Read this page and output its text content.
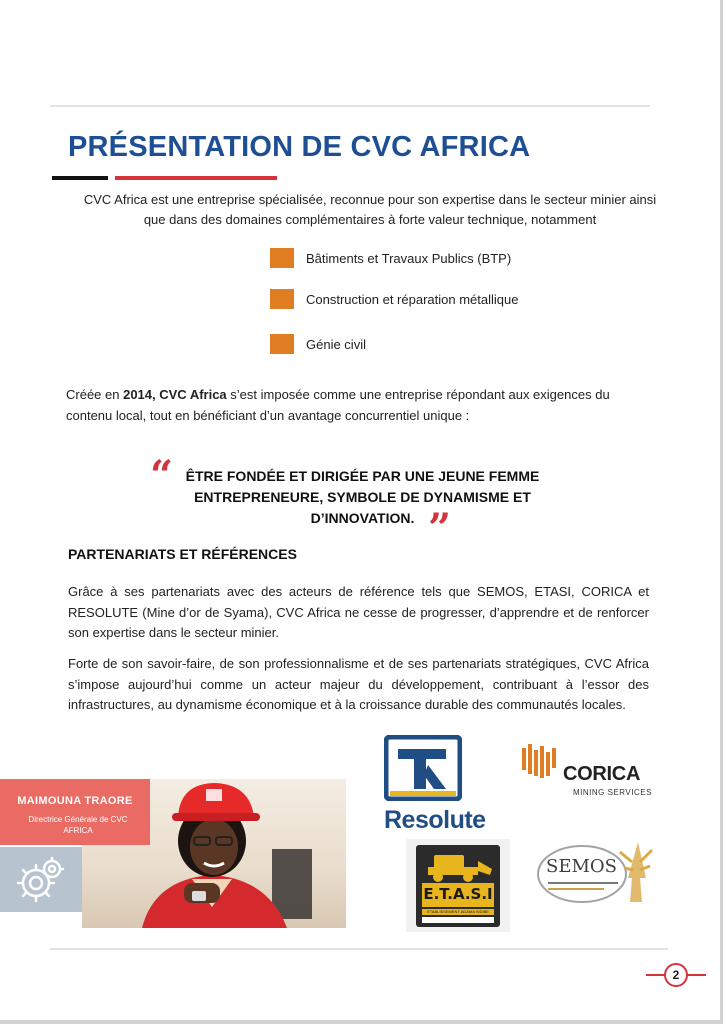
PRÉSENTATION DE CVC AFRICA
CVC Africa est une entreprise spécialisée, reconnue pour son expertise dans le secteur minier ainsi
que dans des domaines complémentaires à forte valeur technique, notamment
Bâtiments et Travaux Publics (BTP)
Construction et réparation métallique
Génie civil

Créée en 2014, CVC Africa s’est imposée comme une entreprise répondant aux exigences du contenu local, tout en bénéficiant d’un avantage concurrentiel unique :

“ ÊTRE FONDÉE ET DIRIGÉE PAR UNE JEUNE FEMME
ENTREPRENEURE, SYMBOLE DE DYNAMISME ET
D’INNOVATION. ”
PARTENARIATS ET RÉFÉRENCES

Grâce à ses partenariats avec des acteurs de référence tels que SEMOS, ETASI, CORICA et RESOLUTE (Mine d’or de Syama), CVC Africa ne cesse de progresser, d’apprendre et de renforcer son expertise dans le secteur minier.

Forte de son savoir-faire, de son professionnalisme et de ses partenariats stratégiques, CVC Africa s’impose aujourd’hui comme un acteur majeur du développement, contribuant à l’essor des infrastructures, au dynamisme économique et à la croissance durable des communautés locales.

MAIMOUNA TRAORE
Directrice Générale de CVC AFRICA	Resolute
CORICA
MINING SERVICES
E.T.A.S.I
ETABLISSEMENT ADAMA SIDIBE
SEMOS
2
